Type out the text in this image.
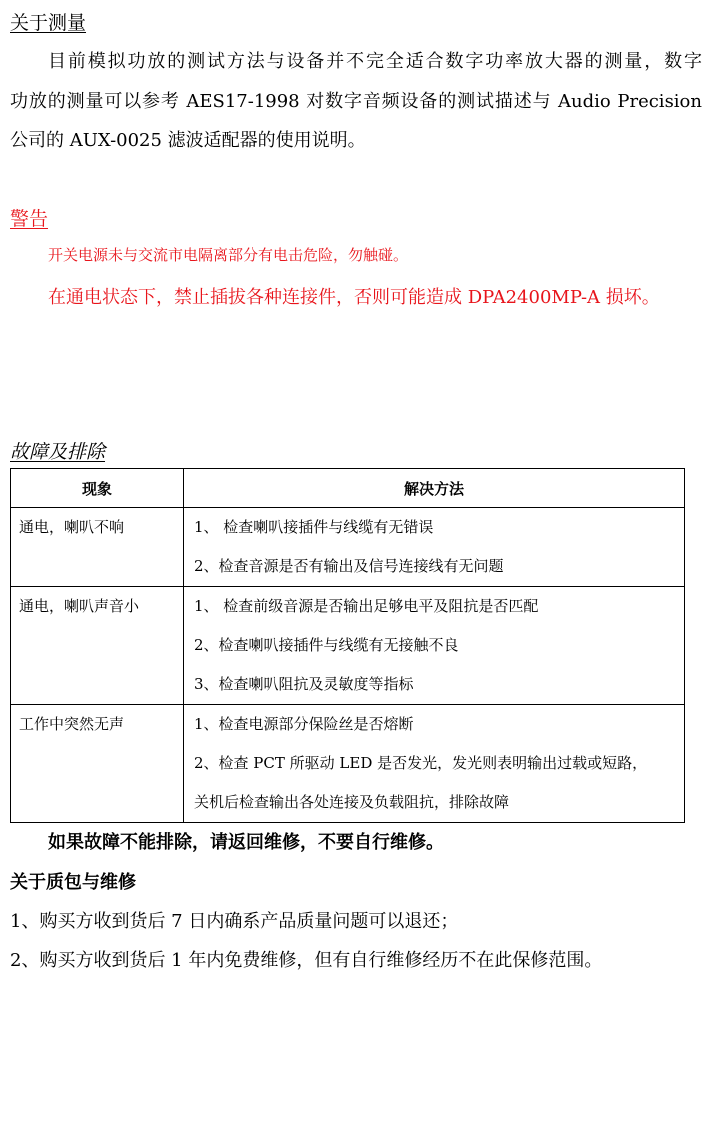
关于测量
目前模拟功放的测试方法与设备并不完全适合数字功率放大器的测量，数字
功放的测量可以参考 AES17-1998 对数字音频设备的测试描述与 Audio Precision
公司的 AUX-0025 滤波适配器的使用说明。
警告
开关电源未与交流市电隔离部分有电击危险，勿触碰。
在通电状态下，禁止插拔各种连接件，否则可能造成 DPA2400MP-A 损坏。
故障及排除
现象	解决方法
通电，喇叭不响	1、 检查喇叭接插件与线缆有无错误
2、检查音源是否有输出及信号连接线有无问题

通电，喇叭声音小	1、 检查前级音源是否输出足够电平及阻抗是否匹配
2、检查喇叭接插件与线缆有无接触不良
3、检查喇叭阻抗及灵敏度等指标

工作中突然无声	1、检查电源部分保险丝是否熔断
2、检查 PCT 所驱动 LED 是否发光，发光则表明输出过载或短路，
关机后检查输出各处连接及负载阻抗，排除故障
如果故障不能排除，请返回维修，不要自行维修。
关于质包与维修
1、购买方收到货后 7 日内确系产品质量问题可以退还；
2、购买方收到货后 1 年内免费维修，但有自行维修经历不在此保修范围。
